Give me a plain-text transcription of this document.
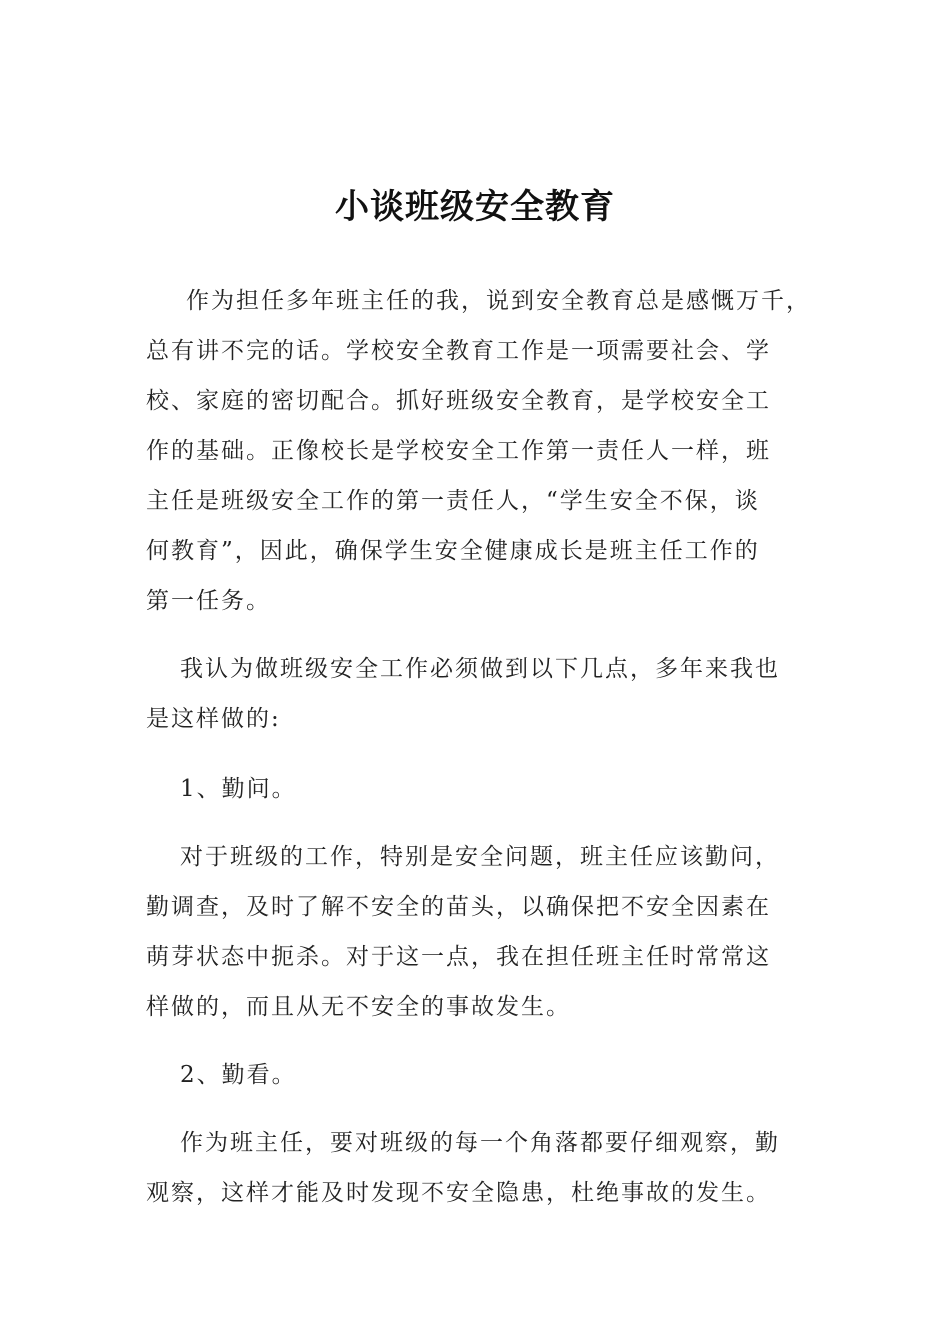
小谈班级安全教育

作为担任多年班主任的我，说到安全教育总是感慨万千，
总有讲不完的话。学校安全教育工作是一项需要社会、学
校、家庭的密切配合。抓好班级安全教育，是学校安全工
作的基础。正像校长是学校安全工作第一责任人一样，班
主任是班级安全工作的第一责任人，“学生安全不保，谈
何教育”，因此，确保学生安全健康成长是班主任工作的
第一任务。

我认为做班级安全工作必须做到以下几点，多年来我也
是这样做的:

1、勤问。

对于班级的工作，特别是安全问题，班主任应该勤问，
勤调查，及时了解不安全的苗头，以确保把不安全因素在
萌芽状态中扼杀。对于这一点，我在担任班主任时常常这
样做的，而且从无不安全的事故发生。

2、勤看。

作为班主任，要对班级的每一个角落都要仔细观察，勤
观察，这样才能及时发现不安全隐患，杜绝事故的发生。
